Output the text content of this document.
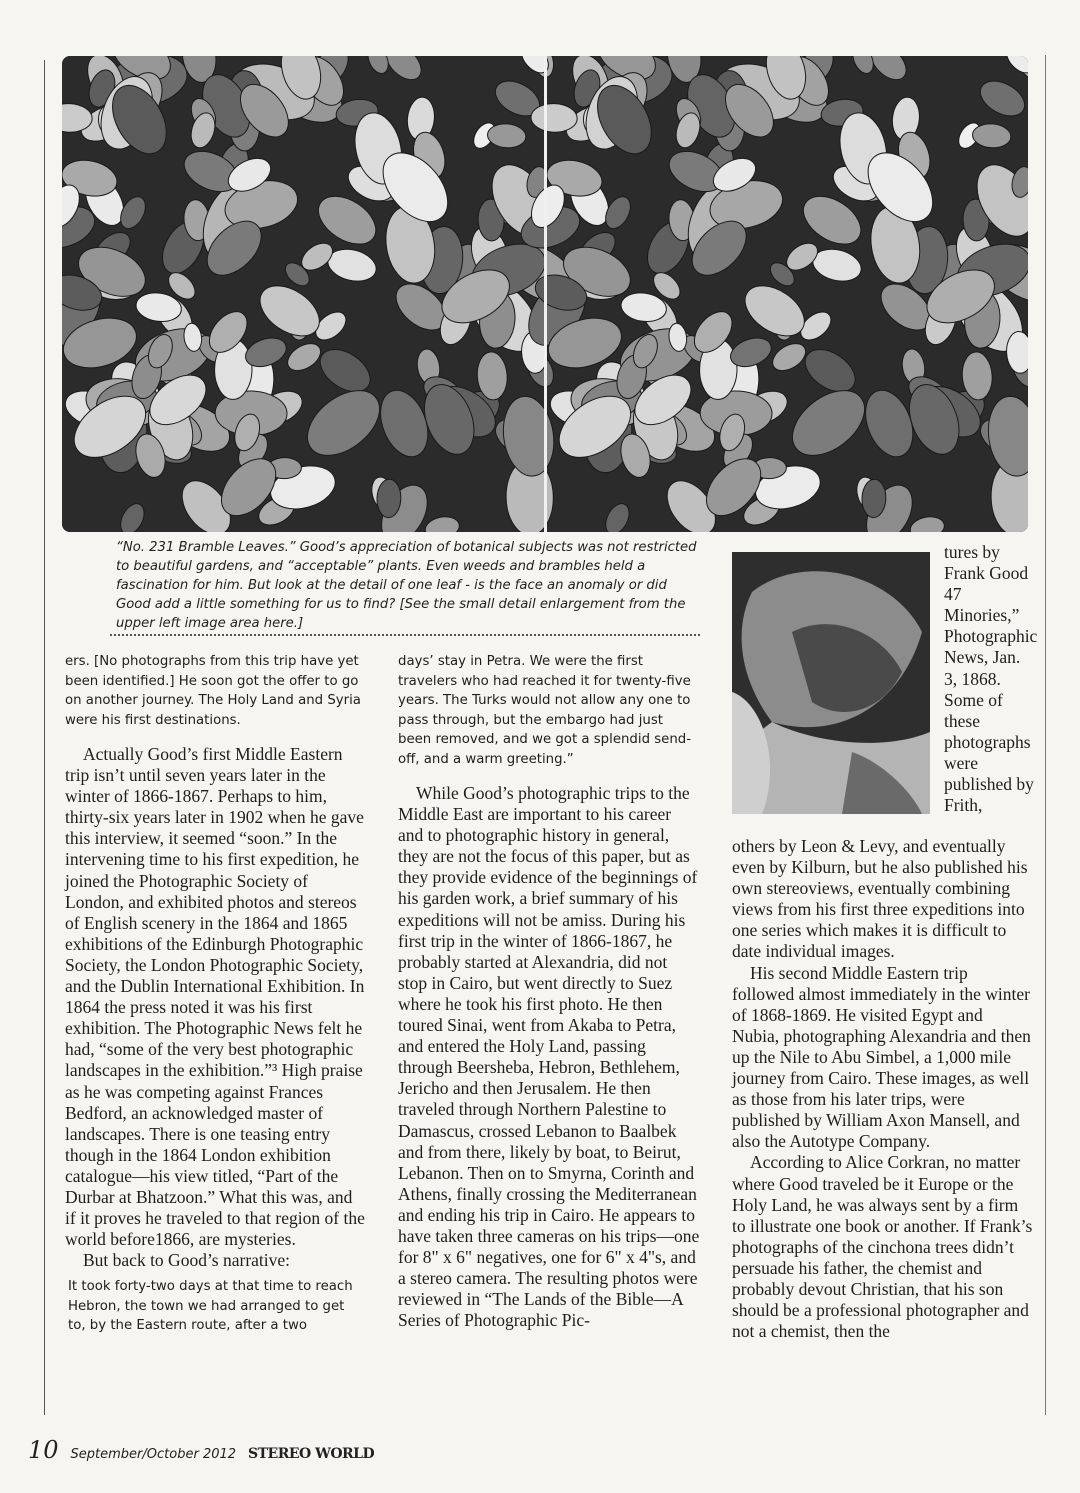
“No. 231 Bramble Leaves.” Good’s appreciation of botanical subjects was not restricted to beautiful gardens, and “acceptable” plants. Even weeds and brambles held a fascination for him. But look at the detail of one leaf - is the face an anomaly or did Good add a little something for us to find? [See the small detail enlargement from the upper left image area here.]

ers. [No photographs from this trip have yet been identified.] He soon got the offer to go on another journey. The Holy Land and Syria were his first destinations.

Actually Good’s first Middle Eastern trip isn’t until seven years later in the winter of 1866-1867. Perhaps to him, thirty-six years later in 1902 when he gave this interview, it seemed “soon.” In the intervening time to his first expedition, he joined the Photographic Society of London, and exhibited photos and stereos of English scenery in the 1864 and 1865 exhibitions of the Edinburgh Photographic Society, the London Photographic Society, and the Dublin International Exhibition. In 1864 the press noted it was his first exhibition. The Photographic News felt he had, “some of the very best photographic landscapes in the exhibition.”³ High praise as he was competing against Frances Bedford, an acknowledged master of landscapes. There is one teasing entry though in the 1864 London exhibition catalogue—his view titled, “Part of the Durbar at Bhatzoon.” What this was, and if it proves he traveled to that region of the world before1866, are mysteries.

But back to Good’s narrative:

It took forty-two days at that time to reach Hebron, the town we had arranged to get to, by the Eastern route, after a two

days’ stay in Petra. We were the first travelers who had reached it for twenty-five years. The Turks would not allow any one to pass through, but the embargo had just been removed, and we got a splendid send-off, and a warm greeting.”

While Good’s photographic trips to the Middle East are important to his career and to photographic history in general, they are not the focus of this paper, but as they provide evidence of the beginnings of his garden work, a brief summary of his expeditions will not be amiss. During his first trip in the winter of 1866-1867, he probably started at Alexandria, did not stop in Cairo, but went directly to Suez where he took his first photo. He then toured Sinai, went from Akaba to Petra, and entered the Holy Land, passing through Beersheba, Hebron, Bethlehem, Jericho and then Jerusalem. He then traveled through Northern Palestine to Damascus, crossed Lebanon to Baalbek and from there, likely by boat, to Beirut, Lebanon. Then on to Smyrna, Corinth and Athens, finally crossing the Mediterranean and ending his trip in Cairo. He appears to have taken three cameras on his trips—one for 8" x 6" negatives, one for 6" x 4"s, and a stereo camera. The resulting photos were reviewed in “The Lands of the Bible—A Series of Photographic Pic-

tures by Frank Good 47 Minories,” Photographic News, Jan. 3, 1868. Some of these photographs were published by Frith,

others by Leon & Levy, and eventually even by Kilburn, but he also published his own stereoviews, eventually combining views from his first three expeditions into one series which makes it is difficult to date individual images.

His second Middle Eastern trip followed almost immediately in the winter of 1868-1869. He visited Egypt and Nubia, photographing Alexandria and then up the Nile to Abu Simbel, a 1,000 mile journey from Cairo. These images, as well as those from his later trips, were published by William Axon Mansell, and also the Autotype Company.

According to Alice Corkran, no matter where Good traveled be it Europe or the Holy Land, he was always sent by a firm to illustrate one book or another. If Frank’s photographs of the cinchona trees didn’t persuade his father, the chemist and probably devout Christian, that his son should be a professional photographer and not a chemist, then the

10 September/October 2012 STEREO WORLD
